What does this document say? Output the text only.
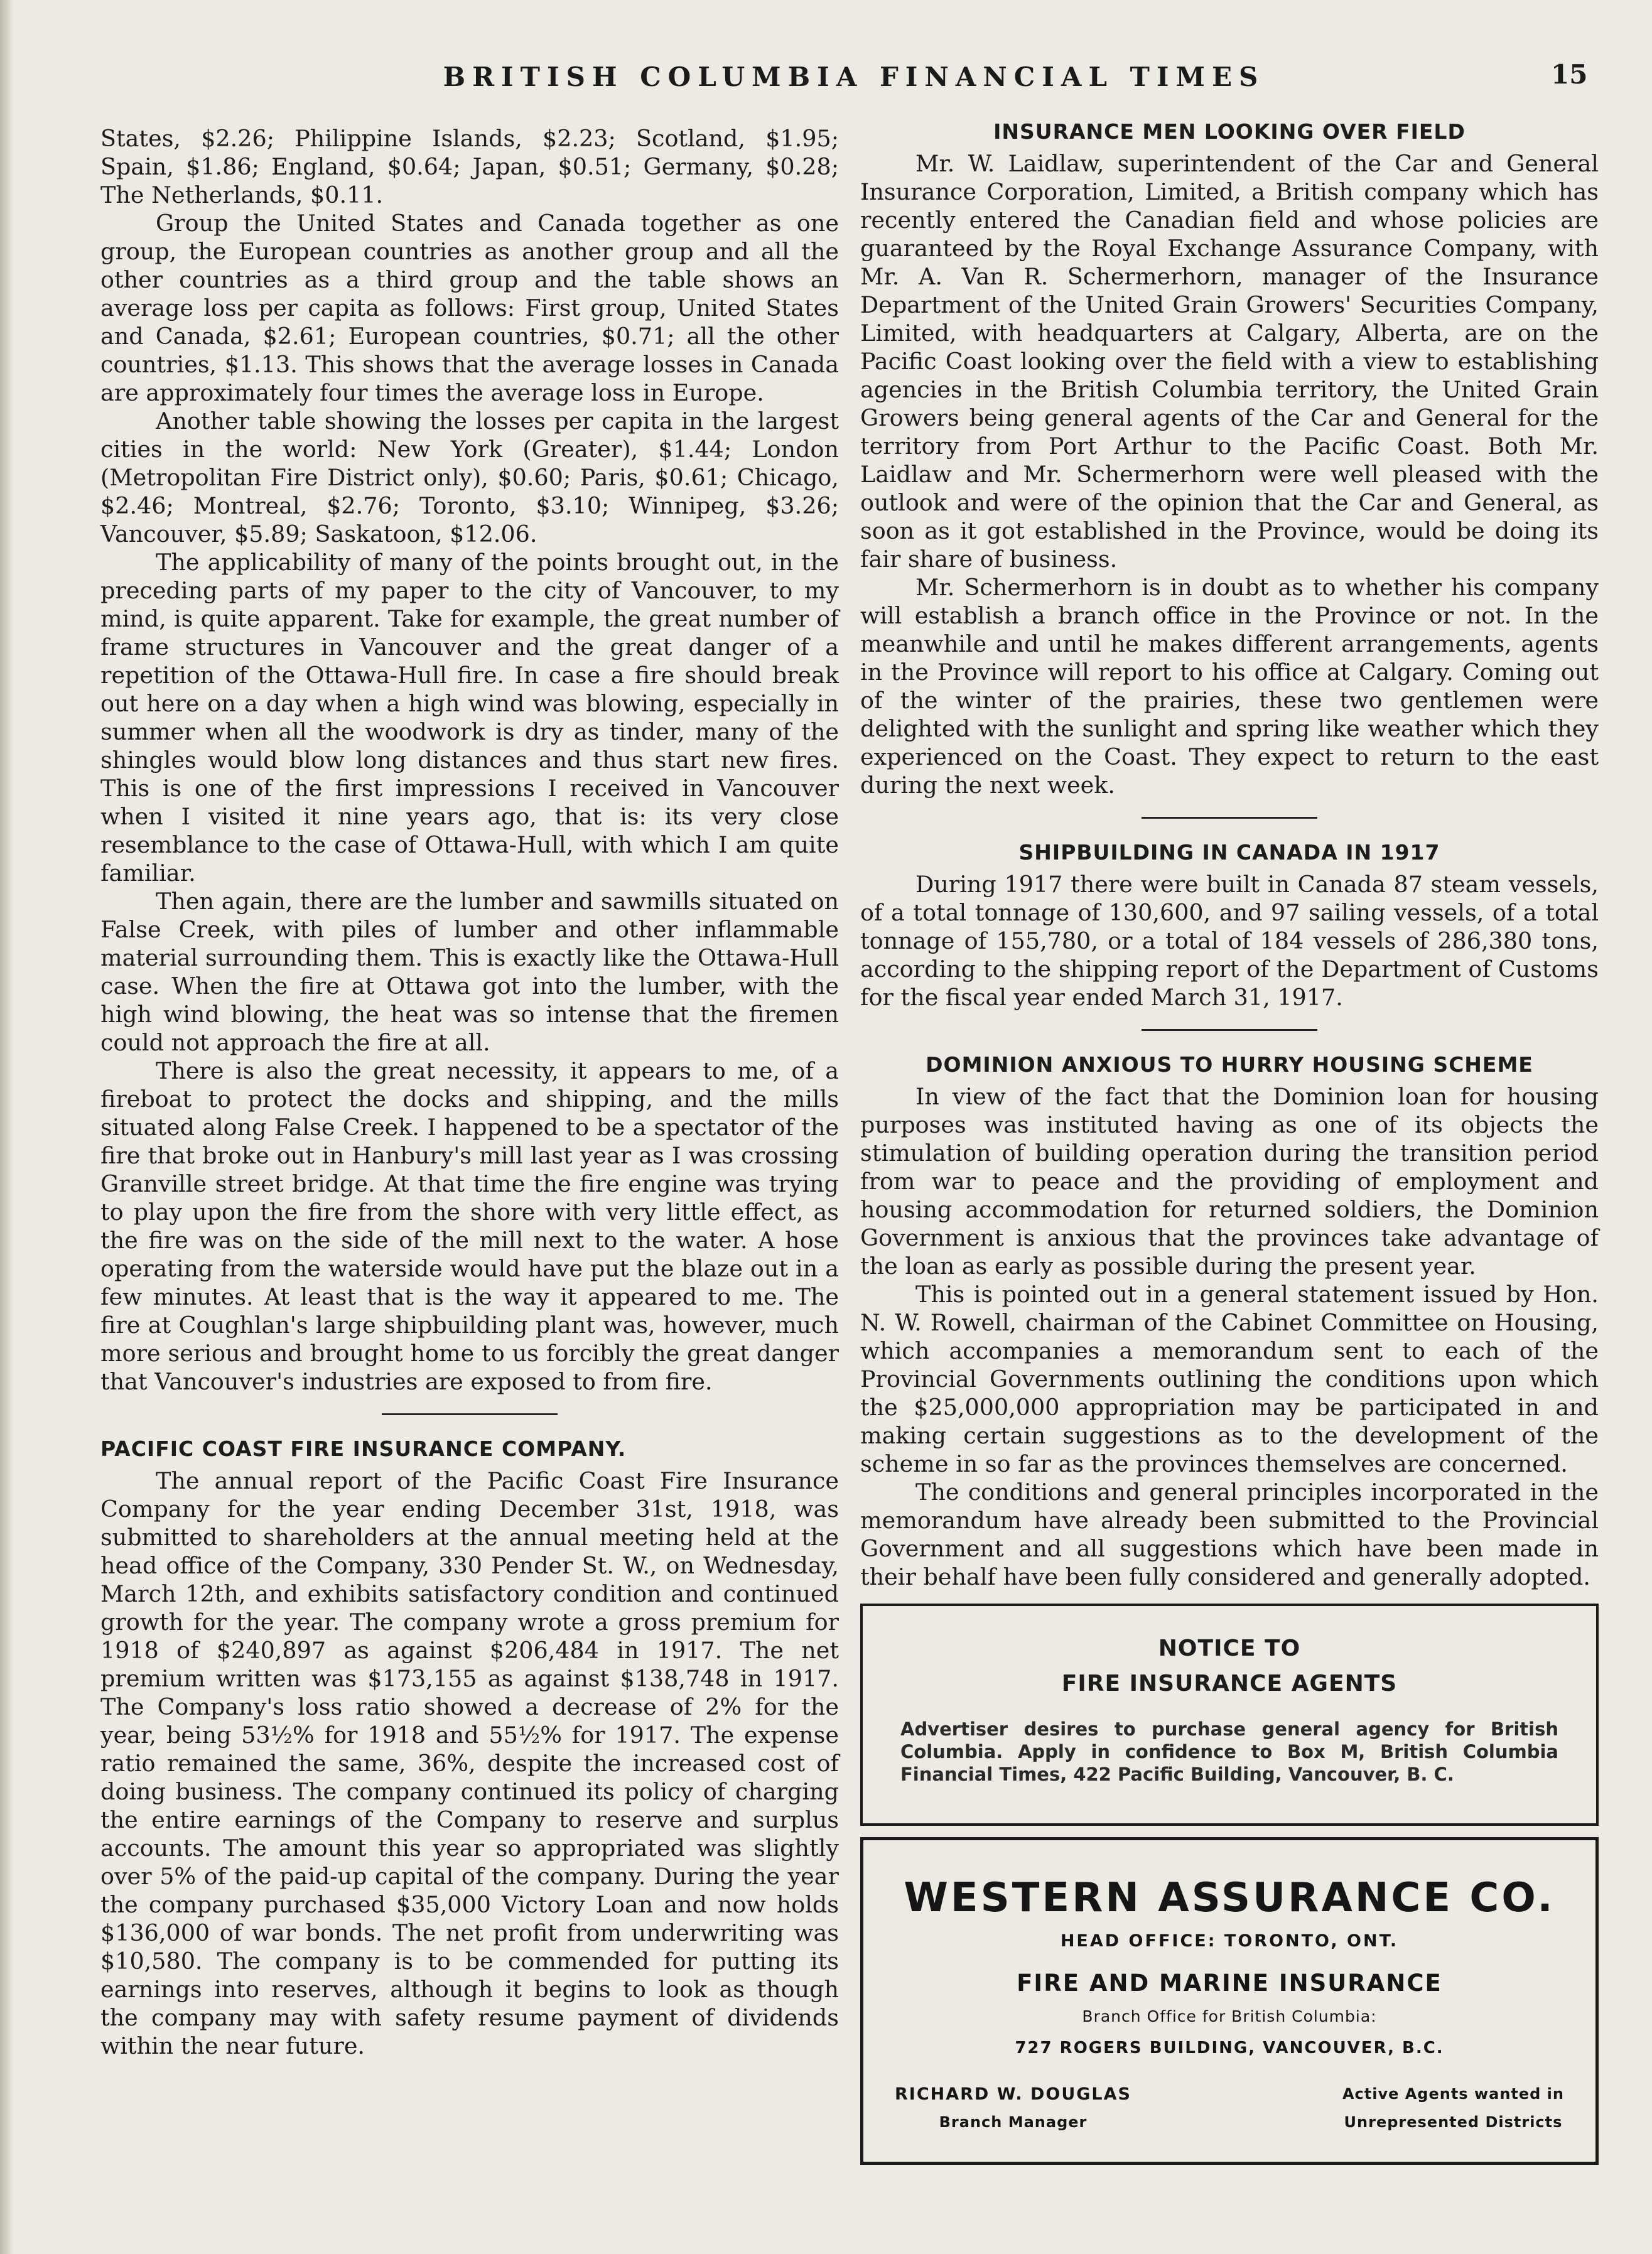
BRITISH COLUMBIA FINANCIAL TIMES	15

States, $2.26; Philippine Islands, $2.23; Scotland, $1.95; Spain, $1.86; England, $0.64; Japan, $0.51; Germany, $0.28; The Netherlands, $0.11.

Group the United States and Canada together as one group, the European countries as another group and all the other countries as a third group and the table shows an average loss per capita as follows: First group, United States and Canada, $2.61; European countries, $0.71; all the other countries, $1.13. This shows that the average losses in Canada are approximately four times the average loss in Europe.

Another table showing the losses per capita in the largest cities in the world: New York (Greater), $1.44; London (Metropolitan Fire District only), $0.60; Paris, $0.61; Chicago, $2.46; Montreal, $2.76; Toronto, $3.10; Winnipeg, $3.26; Vancouver, $5.89; Saskatoon, $12.06.

The applicability of many of the points brought out, in the preceding parts of my paper to the city of Vancouver, to my mind, is quite apparent. Take for example, the great number of frame structures in Vancouver and the great danger of a repetition of the Ottawa-Hull fire. In case a fire should break out here on a day when a high wind was blowing, especially in summer when all the woodwork is dry as tinder, many of the shingles would blow long distances and thus start new fires. This is one of the first impressions I received in Vancouver when I visited it nine years ago, that is: its very close resemblance to the case of Ottawa-Hull, with which I am quite familiar.

Then again, there are the lumber and sawmills situated on False Creek, with piles of lumber and other inflammable material surrounding them. This is exactly like the Ottawa-Hull case. When the fire at Ottawa got into the lumber, with the high wind blowing, the heat was so intense that the firemen could not approach the fire at all.

There is also the great necessity, it appears to me, of a fireboat to protect the docks and shipping, and the mills situated along False Creek. I happened to be a spectator of the fire that broke out in Hanbury's mill last year as I was crossing Granville street bridge. At that time the fire engine was trying to play upon the fire from the shore with very little effect, as the fire was on the side of the mill next to the water. A hose operating from the waterside would have put the blaze out in a few minutes. At least that is the way it appeared to me. The fire at Coughlan's large shipbuilding plant was, however, much more serious and brought home to us forcibly the great danger that Vancouver's industries are exposed to from fire.

PACIFIC COAST FIRE INSURANCE COMPANY.

The annual report of the Pacific Coast Fire Insurance Company for the year ending December 31st, 1918, was submitted to shareholders at the annual meeting held at the head office of the Company, 330 Pender St. W., on Wednesday, March 12th, and exhibits satisfactory condition and continued growth for the year. The company wrote a gross premium for 1918 of $240,897 as against $206,484 in 1917. The net premium written was $173,155 as against $138,748 in 1917. The Company's loss ratio showed a decrease of 2% for the year, being 53½% for 1918 and 55½% for 1917. The expense ratio remained the same, 36%, despite the increased cost of doing business. The company continued its policy of charging the entire earnings of the Company to reserve and surplus accounts. The amount this year so appropriated was slightly over 5% of the paid-up capital of the company. During the year the company purchased $35,000 Victory Loan and now holds $136,000 of war bonds. The net profit from underwriting was $10,580. The company is to be commended for putting its earnings into reserves, although it begins to look as though the company may with safety resume payment of dividends within the near future.

INSURANCE MEN LOOKING OVER FIELD

Mr. W. Laidlaw, superintendent of the Car and General Insurance Corporation, Limited, a British company which has recently entered the Canadian field and whose policies are guaranteed by the Royal Exchange Assurance Company, with Mr. A. Van R. Schermerhorn, manager of the Insurance Department of the United Grain Growers' Securities Company, Limited, with headquarters at Calgary, Alberta, are on the Pacific Coast looking over the field with a view to establishing agencies in the British Columbia territory, the United Grain Growers being general agents of the Car and General for the territory from Port Arthur to the Pacific Coast. Both Mr. Laidlaw and Mr. Schermerhorn were well pleased with the outlook and were of the opinion that the Car and General, as soon as it got established in the Province, would be doing its fair share of business.

Mr. Schermerhorn is in doubt as to whether his company will establish a branch office in the Province or not. In the meanwhile and until he makes different arrangements, agents in the Province will report to his office at Calgary. Coming out of the winter of the prairies, these two gentlemen were delighted with the sunlight and spring like weather which they experienced on the Coast. They expect to return to the east during the next week.

SHIPBUILDING IN CANADA IN 1917

During 1917 there were built in Canada 87 steam vessels, of a total tonnage of 130,600, and 97 sailing vessels, of a total tonnage of 155,780, or a total of 184 vessels of 286,380 tons, according to the shipping report of the Department of Customs for the fiscal year ended March 31, 1917.

DOMINION ANXIOUS TO HURRY HOUSING SCHEME

In view of the fact that the Dominion loan for housing purposes was instituted having as one of its objects the stimulation of building operation during the transition period from war to peace and the providing of employment and housing accommodation for returned soldiers, the Dominion Government is anxious that the provinces take advantage of the loan as early as possible during the present year.

This is pointed out in a general statement issued by Hon. N. W. Rowell, chairman of the Cabinet Committee on Housing, which accompanies a memorandum sent to each of the Provincial Governments outlining the conditions upon which the $25,000,000 appropriation may be participated in and making certain suggestions as to the development of the scheme in so far as the provinces themselves are concerned.

The conditions and general principles incorporated in the memorandum have already been submitted to the Provincial Government and all suggestions which have been made in their behalf have been fully considered and generally adopted.

NOTICE TO
FIRE INSURANCE AGENTS
Advertiser desires to purchase general agency for British Columbia. Apply in confidence to Box M, British Columbia Financial Times, 422 Pacific Building, Vancouver, B. C.
WESTERN ASSURANCE CO.
HEAD OFFICE: TORONTO, ONT.
FIRE AND MARINE INSURANCE
Branch Office for British Columbia:
727 ROGERS BUILDING, VANCOUVER, B.C.
RICHARD W. DOUGLAS
Branch Manager
Active Agents wanted in
Unrepresented Districts
